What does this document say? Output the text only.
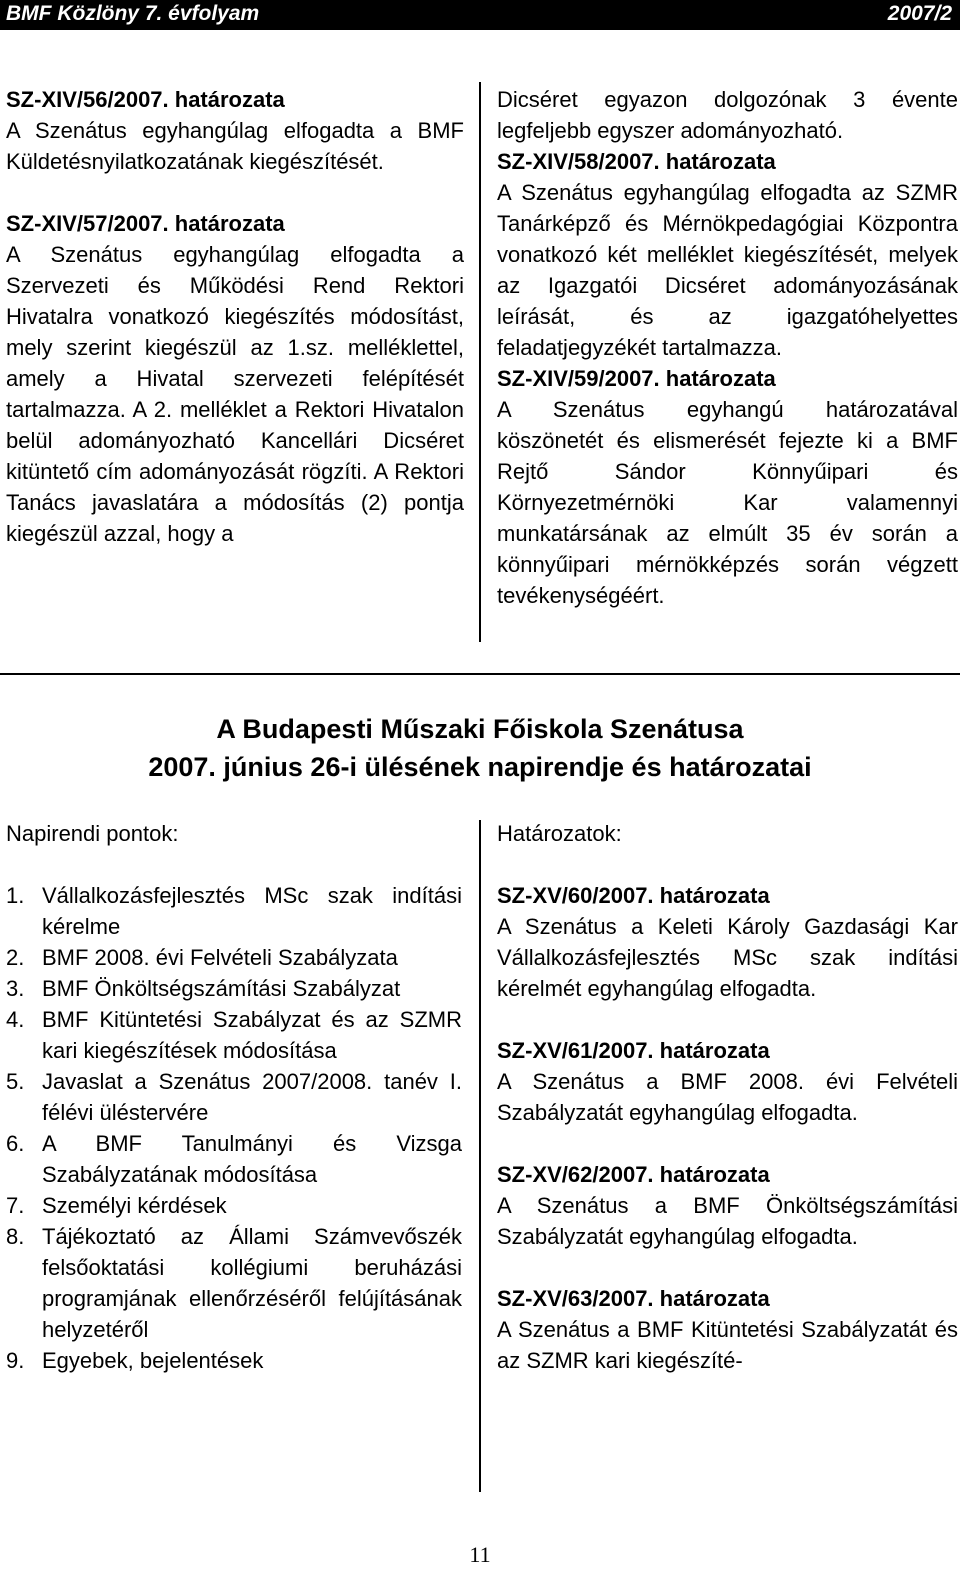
BMF Közlöny 7. évfolyam	2007/2

SZ-XIV/56/2007. határozata

A Szenátus egyhangúlag elfogadta a BMF Küldetésnyilatkozatának kiegészítését.

SZ-XIV/57/2007. határozata

A Szenátus egyhangúlag elfogadta a Szervezeti és Működési Rend Rektori Hivatalra vonatkozó kiegészítés módosítást, mely szerint kiegészül az 1.sz. melléklettel, amely a Hivatal szervezeti felépítését tartalmazza. A 2. melléklet a Rektori Hivatalon belül adományozható Kancellári Dicséret kitüntető cím adományozását rögzíti. A Rektori Tanács javaslatára a módosítás (2) pontja kiegészül azzal, hogy a

Dicséret egyazon dolgozónak 3 évente legfeljebb egyszer adományozható.

SZ-XIV/58/2007. határozata

A Szenátus egyhangúlag elfogadta az SZMR Tanárképző és Mérnökpedagógiai Központra vonatkozó két melléklet kiegészítését, melyek az Igazgatói Dicséret adományozásának leírását, és az igazgatóhelyettes feladatjegyzékét tartalmazza.

SZ-XIV/59/2007. határozata

A Szenátus egyhangú határozatával köszönetét és elismerését fejezte ki a BMF Rejtő Sándor Könnyűipari és Környezetmérnöki Kar valamennyi munkatársának az elmúlt 35 év során a könnyűipari mérnökképzés során végzett tevékenységéért.

A Budapesti Műszaki Főiskola Szenátusa
2007. június 26-i ülésének napirendje és határozatai

Napirendi pontok:

1. Vállalkozásfejlesztés MSc szak indítási kérelme
2. BMF 2008. évi Felvételi Szabályzata
3. BMF Önköltségszámítási Szabályzat
4. BMF Kitüntetési Szabályzat és az SZMR kari kiegészítések módosítása
5. Javaslat a Szenátus 2007/2008. tanév I. félévi üléstervére
6. A BMF Tanulmányi és Vizsga Szabályzatának módosítása
7. Személyi kérdések
8. Tájékoztató az Állami Számvevőszék felsőoktatási kollégiumi beruházási programjának ellenőrzéséről felújításának helyzetéről
9. Egyebek, bejelentések

Határozatok:

SZ-XV/60/2007. határozata

A Szenátus a Keleti Károly Gazdasági Kar Vállalkozásfejlesztés MSc szak indítási kérelmét egyhangúlag elfogadta.

SZ-XV/61/2007. határozata

A Szenátus a BMF 2008. évi Felvételi Szabályzatát egyhangúlag elfogadta.

SZ-XV/62/2007. határozata

A Szenátus a BMF Önköltségszámítási Szabályzatát egyhangúlag elfogadta.

SZ-XV/63/2007. határozata

A Szenátus a BMF Kitüntetési Szabályzatát és az SZMR kari kiegészíté-

11
